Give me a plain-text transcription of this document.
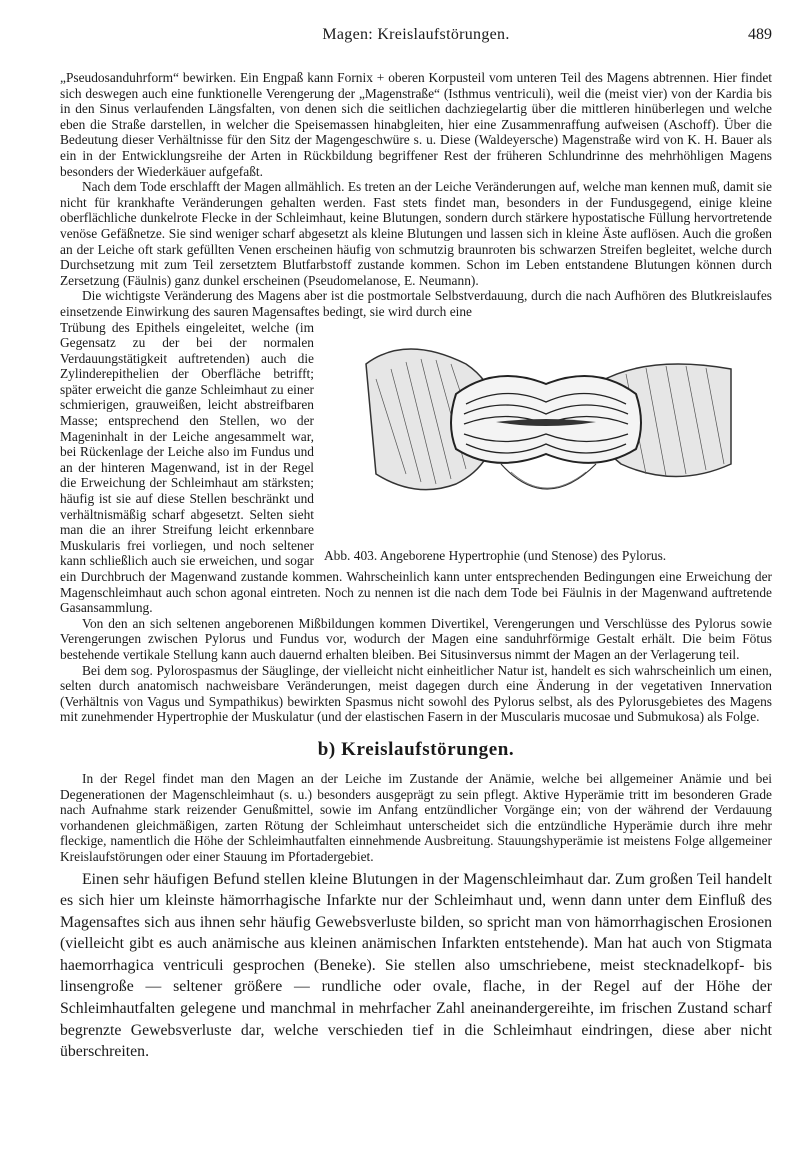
Magen: Kreislaufstörungen.	489

„Pseudosanduhrform“ bewirken. Ein Engpaß kann Fornix + oberen Korpusteil vom unteren Teil des Magens abtrennen. Hier findet sich deswegen auch eine funktionelle Verengerung der „Magenstraße“ (Isthmus ventriculi), weil die (meist vier) von der Kardia bis in den Sinus verlaufenden Längsfalten, von denen sich die seitlichen dachziegelartig über die mittleren hinüberlegen und welche eben die Straße darstellen, in welcher die Speisemassen hinabgleiten, hier eine Zusammenraffung aufweisen (Aschoff). Über die Bedeutung dieser Verhältnisse für den Sitz der Magengeschwüre s. u. Diese (Waldeyersche) Magenstraße wird von K. H. Bauer als ein in der Entwicklungsreihe der Arten in Rückbildung begriffener Rest der früheren Schlundrinne des mehrhöhligen Magens besonders der Wiederkäuer aufgefaßt.

Nach dem Tode erschlafft der Magen allmählich. Es treten an der Leiche Veränderungen auf, welche man kennen muß, damit sie nicht für krankhafte Veränderungen gehalten werden. Fast stets findet man, besonders in der Fundusgegend, einige kleine oberflächliche dunkelrote Flecke in der Schleimhaut, keine Blutungen, sondern durch stärkere hypostatische Füllung hervortretende venöse Gefäßnetze. Sie sind weniger scharf abgesetzt als kleine Blutungen und lassen sich in kleine Äste auflösen. Auch die großen an der Leiche oft stark gefüllten Venen erscheinen häufig von schmutzig braunroten bis schwarzen Streifen begleitet, welche durch Durchsetzung mit zum Teil zersetztem Blutfarbstoff zustande kommen. Schon im Leben entstandene Blutungen können durch Zersetzung (Fäulnis) ganz dunkel erscheinen (Pseudomelanose, E. Neumann).

Die wichtigste Veränderung des Magens aber ist die postmortale Selbstverdauung, durch die nach Aufhören des Blutkreislaufes einsetzende Einwirkung des sauren Magensaftes bedingt, sie wird durch eine

Abb. 403. Angeborene Hypertrophie (und Stenose) des Pylorus.

Trübung des Epithels eingeleitet, welche (im Gegensatz zu der bei der normalen Verdauungstätigkeit auftretenden) auch die Zylinderepithelien der Oberfläche betrifft; später erweicht die ganze Schleimhaut zu einer schmierigen, grauweißen, leicht abstreifbaren Masse; entsprechend den Stellen, wo der Mageninhalt in der Leiche angesammelt war, bei Rückenlage der Leiche also im Fundus und an der hinteren Magenwand, ist in der Regel die Erweichung der Schleimhaut am stärksten; häufig ist sie auf diese Stellen beschränkt und verhältnismäßig scharf abgesetzt. Selten sieht man die an ihrer Streifung leicht erkennbare Muskularis frei vorliegen, und noch seltener kann schließlich auch sie erweichen, und sogar ein Durchbruch der Magenwand zustande kommen. Wahrscheinlich kann unter entsprechenden Bedingungen eine Erweichung der Magenschleimhaut auch schon agonal eintreten. Noch zu nennen ist die nach dem Tode bei Fäulnis in der Magenwand auftretende Gasansammlung.

Von den an sich seltenen angeborenen Mißbildungen kommen Divertikel, Verengerungen und Verschlüsse des Pylorus sowie Verengerungen zwischen Pylorus und Fundus vor, wodurch der Magen eine sanduhrförmige Gestalt erhält. Die beim Fötus bestehende vertikale Stellung kann auch dauernd erhalten bleiben. Bei Situsinversus nimmt der Magen an der Verlagerung teil.

Bei dem sog. Pylorospasmus der Säuglinge, der vielleicht nicht einheitlicher Natur ist, handelt es sich wahrscheinlich um einen, selten durch anatomisch nachweisbare Veränderungen, meist dagegen durch eine Änderung in der vegetativen Innervation (Verhältnis von Vagus und Sympathikus) bewirkten Spasmus nicht sowohl des Pylorus selbst, als des Pylorusgebietes des Magens mit zunehmender Hypertrophie der Muskulatur (und der elastischen Fasern in der Muscularis mucosae und Submukosa) als Folge.

b) Kreislaufstörungen.

In der Regel findet man den Magen an der Leiche im Zustande der Anämie, welche bei allgemeiner Anämie und bei Degenerationen der Magenschleimhaut (s. u.) besonders ausgeprägt zu sein pflegt. Aktive Hyperämie tritt im besonderen Grade nach Aufnahme stark reizender Genußmittel, sowie im Anfang entzündlicher Vorgänge ein; von der während der Verdauung vorhandenen gleichmäßigen, zarten Rötung der Schleimhaut unterscheidet sich die entzündliche Hyperämie durch ihre mehr fleckige, namentlich die Höhe der Schleimhautfalten einnehmende Ausbreitung. Stauungshyperämie ist meistens Folge allgemeiner Kreislaufstörungen oder einer Stauung im Pfortadergebiet.

Einen sehr häufigen Befund stellen kleine Blutungen in der Magenschleimhaut dar. Zum großen Teil handelt es sich hier um kleinste hämorrhagische Infarkte nur der Schleimhaut und, wenn dann unter dem Einfluß des Magensaftes sich aus ihnen sehr häufig Gewebsverluste bilden, so spricht man von hämorrhagischen Erosionen (vielleicht gibt es auch anämische aus kleinen anämischen Infarkten entstehende). Man hat auch von Stigmata haemorrhagica ventriculi gesprochen (Beneke). Sie stellen also umschriebene, meist stecknadelkopf- bis linsengroße — seltener größere — rundliche oder ovale, flache, in der Regel auf der Höhe der Schleimhautfalten gelegene und manchmal in mehrfacher Zahl aneinandergereihte, im frischen Zustand scharf begrenzte Gewebsverluste dar, welche verschieden tief in die Schleimhaut eindringen, diese aber nicht überschreiten.
